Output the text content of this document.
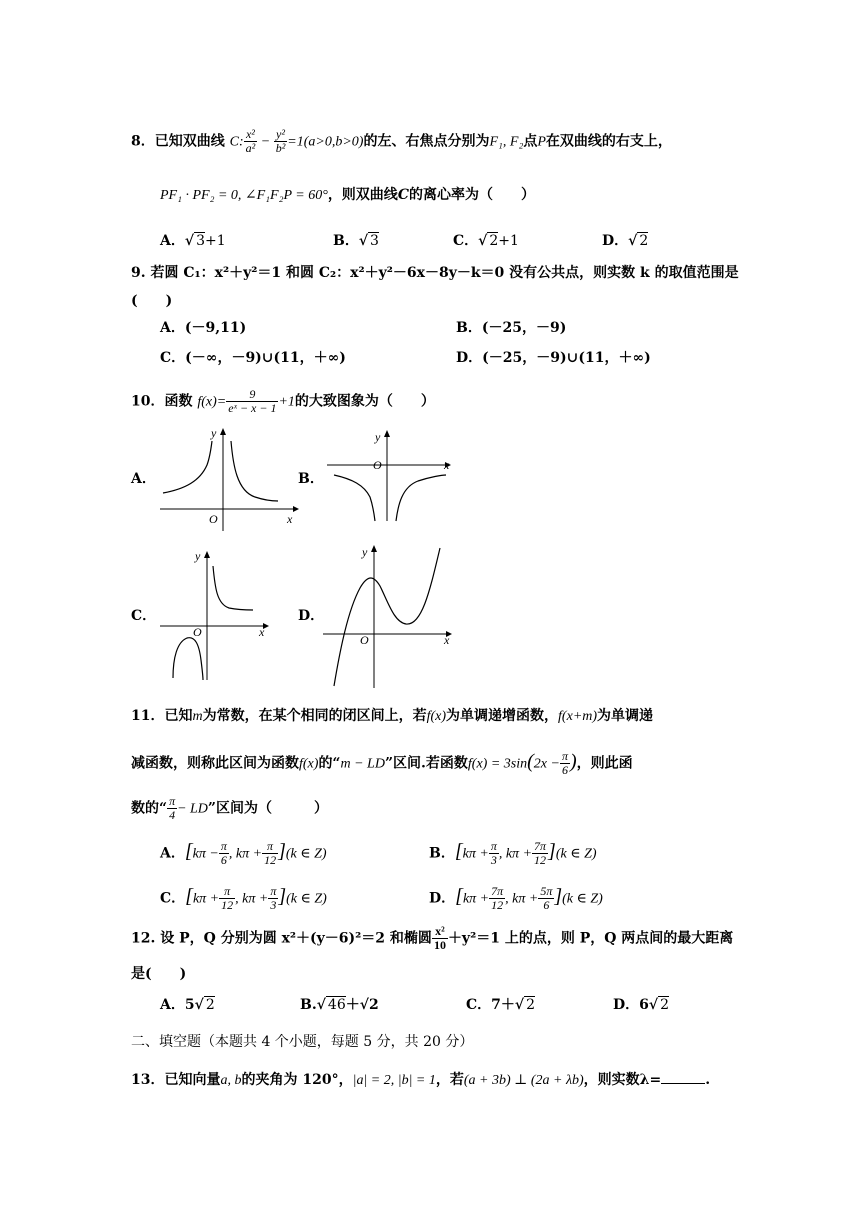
8．已知双曲线 C: $\frac{\text{x²}}{\text{a²}} - \frac{\text{y²}}{\text{b²}} =1(a>0,b>0)$的左、右焦点分别为F₁, F₂点P在双曲线的右支上，
PF₁ · PF₂ = 0, ∠F₁F₂P = 60°，则双曲线C的离心率为（　　）
A．√ 3+1	B．√ 3	C．√ 2+1	D．√ 2
9. 若圆 C₁：x²＋y²＝1 和圆 C₂：x²＋y²－6x－8y－k＝0 没有公共点，则实数 k 的取值范围是
(　　)
A．(－9,11)	B．(－25，－9)
C．(－∞，－9)∪(11，＋∞)	D．(－25，－9)∪(11，＋∞)
10．函数 $f(x)= \frac{9}{\text{eˣ − x − 1}} +1$的大致图象为（　　）
A．	B．
C．	D．
y
x
O
y
x
O
y
x
O
y
x
O
11．已知m为常数，在某个相同的闭区间上，若f(x)为单调递增函数，f(x+m)为单调递
减函数，则称此区间为函数f(x)的“m − LD”区间.若函数$f(x) = 3\sin(2x - \frac{\pi}{6}$ )，则此函
数的“ $\frac{\pi}{4}$ − LD”区间为（　　　）
A．[$k\pi - \frac{\pi}{6}$ , $k\pi + \frac{\pi}{12} ](k$ ∈ Z)	B．[$k\pi + \frac{\pi}{3}$ , $k\pi + \frac{7\pi}{12} ](k$ ∈ Z)
C．[$k\pi + \frac{\pi}{12}$ , $k\pi + \frac{\pi}{3} ](k$ ∈ Z)	D．[$k\pi + \frac{7\pi}{12}$ , $k\pi + \frac{5\pi}{6} ](k$ ∈ Z)
12. 设 P，Q 分别为圆 x²＋(y－6)²＝2 和椭圆 $\frac{\text{x²}}{10} +y^2=1$ 上的点，则 P，Q 两点间的最大距离
是(　　)
A．5√ 2	B.√ 46＋√2	C．7＋√ 2	D．6√ 2
二、填空题（本题共 4 个小题，每题 5 分，共 20 分）
13．已知向量a, b的夹角为 120°，|a| = 2, |b| = 1，若(a + 3b) ⊥ (2a + λb)，则实数λ=	.
